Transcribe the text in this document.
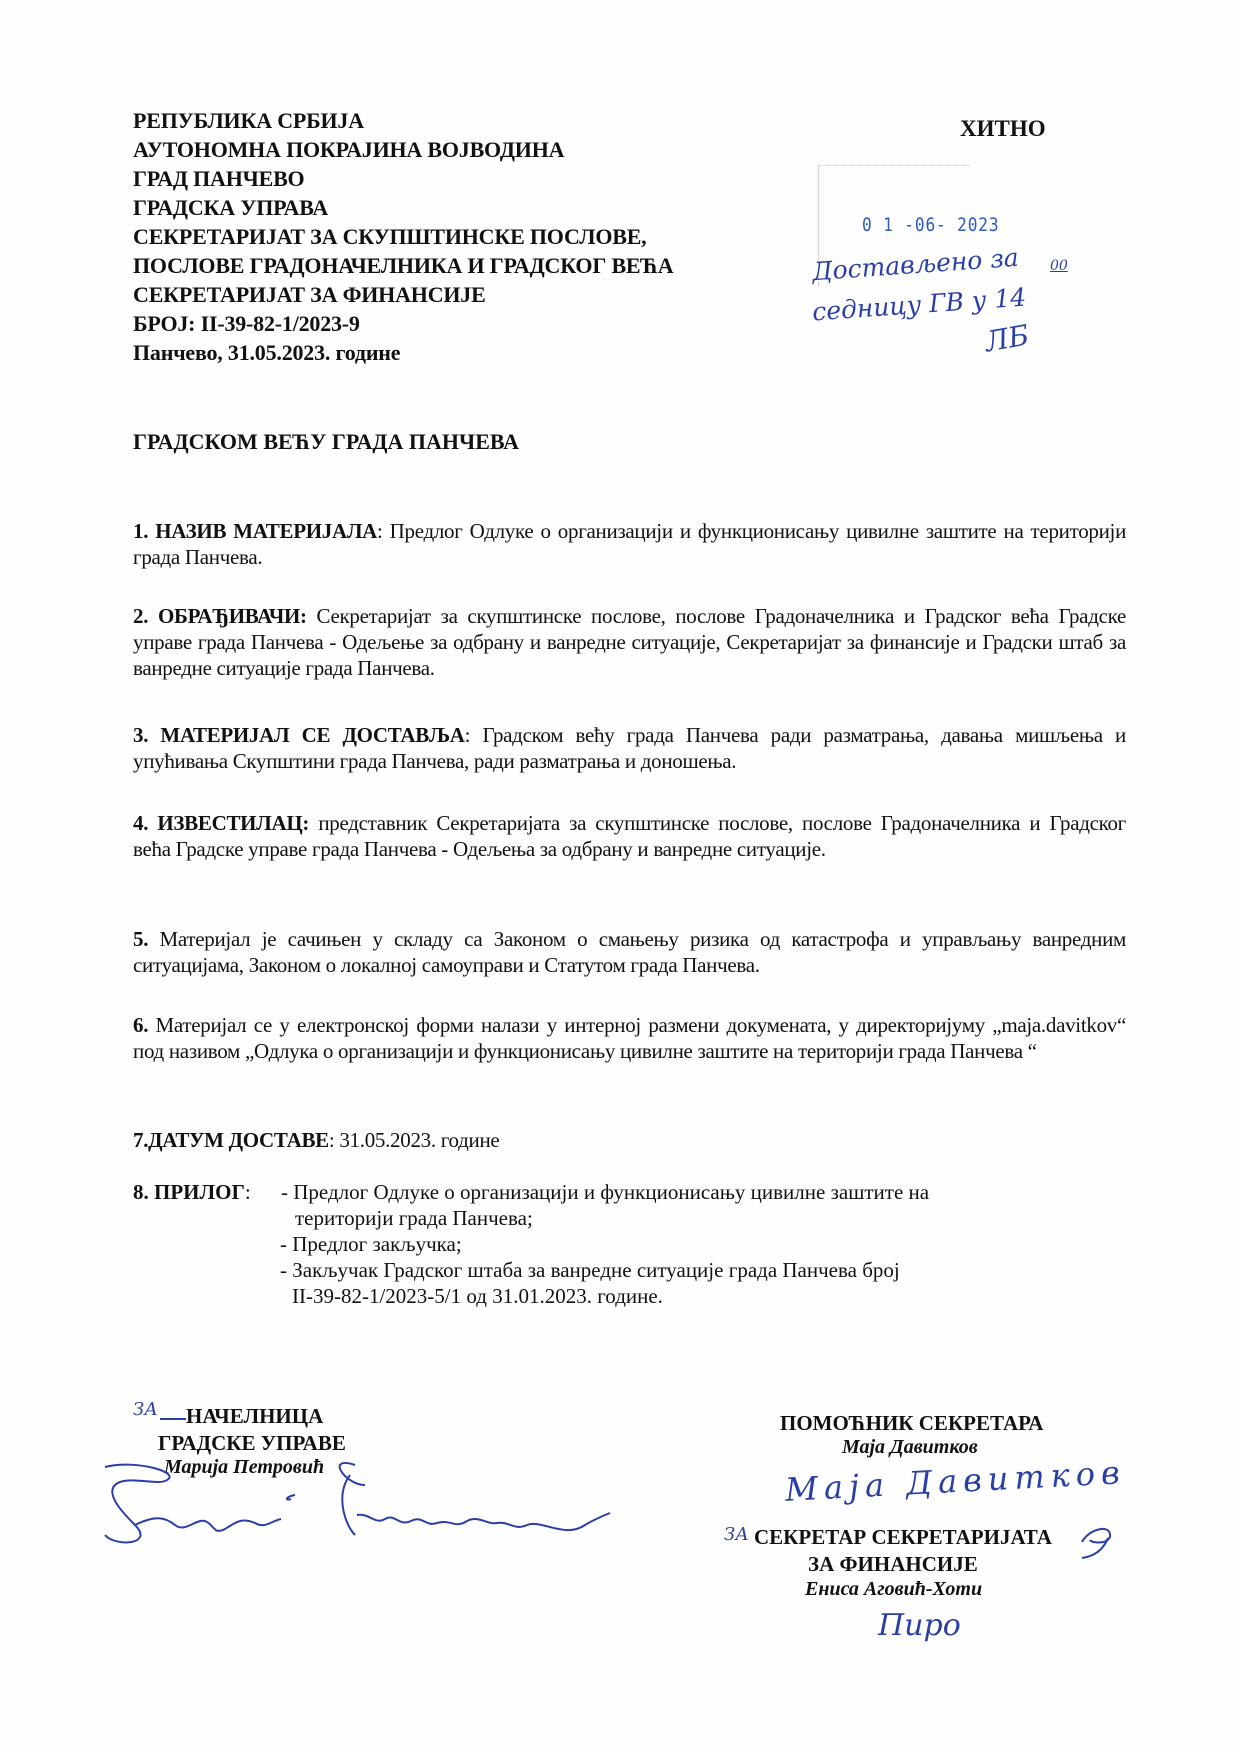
РЕПУБЛИКА СРБИЈА
АУТОНОМНА ПОКРАЈИНА ВОЈВОДИНА
ГРАД ПАНЧЕВО
ГРАДСКА УПРАВА
СЕКРЕТАРИЈАТ ЗА СКУПШТИНСКЕ ПОСЛОВЕ,
ПОСЛОВЕ ГРАДОНАЧЕЛНИКА И ГРАДСКОГ ВЕЋА
СЕКРЕТАРИЈАТ ЗА ФИНАНСИЈЕ
БРОЈ: II-39-82-1/2023-9
Панчево, 31.05.2023. године
ХИТНО
0 1 -06- 2023
Достављено за
седницу ГВ у 14
00
ЛБ
ГРАДСКОМ ВЕЋУ ГРАДА ПАНЧЕВА
1. НАЗИВ МАТЕРИЈАЛА: Предлог Одлуке о организацији и функционисању цивилне заштите на територији града Панчева.
2. ОБРАЂИВАЧИ: Секретаријат за скупштинске послове, послове Градоначелника и Градског већа Градске управе града Панчева - Одељење за одбрану и ванредне ситуације, Секретаријат за финансије и Градски штаб за ванредне ситуације града Панчева.
3. МАТЕРИЈАЛ СЕ ДОСТАВЉА: Градском већу града Панчева ради разматрања, давања мишљења и упућивања Скупштини града Панчева, ради разматрања и доношења.
4. ИЗВЕСТИЛАЦ: представник Секретаријата за скупштинске послове, послове Градоначелника и Градског већа Градске управе града Панчева - Одељења за одбрану и ванредне ситуације.
5. Материјал је сачињен у складу са Законом о смањењу ризика од катастрофа и управљању ванредним ситуацијама, Законом о локалној самоуправи и Статутом града Панчева.
6. Материјал се у електронској форми налази у интерној размени докумената, у директоријуму „maja.davitkov“ под називом „Одлука о организацији и функционисању цивилне заштите на територији града Панчева “
7.ДАТУМ ДОСТАВЕ: 31.05.2023. године
8. ПРИЛОГ: - Предлог Одлуке о организацији и функционисању цивилне заштите на
територији града Панчева;
- Предлог закључка;
- Закључак Градског штаба за ванредне ситуације града Панчева број
II-39-82-1/2023-5/1 од 31.01.2023. године.
ЗА НАЧЕЛНИЦА
ГРАДСКЕ УПРАВЕ
Марија Петровић
ПОМОЋНИК СЕКРЕТАРА
Маја Давитков
Маја Давитков
ЗА СЕКРЕТАР СЕКРЕТАРИЈАТА
ЗА ФИНАНСИЈЕ
Ениса Аговић-Хоти
Пиро
